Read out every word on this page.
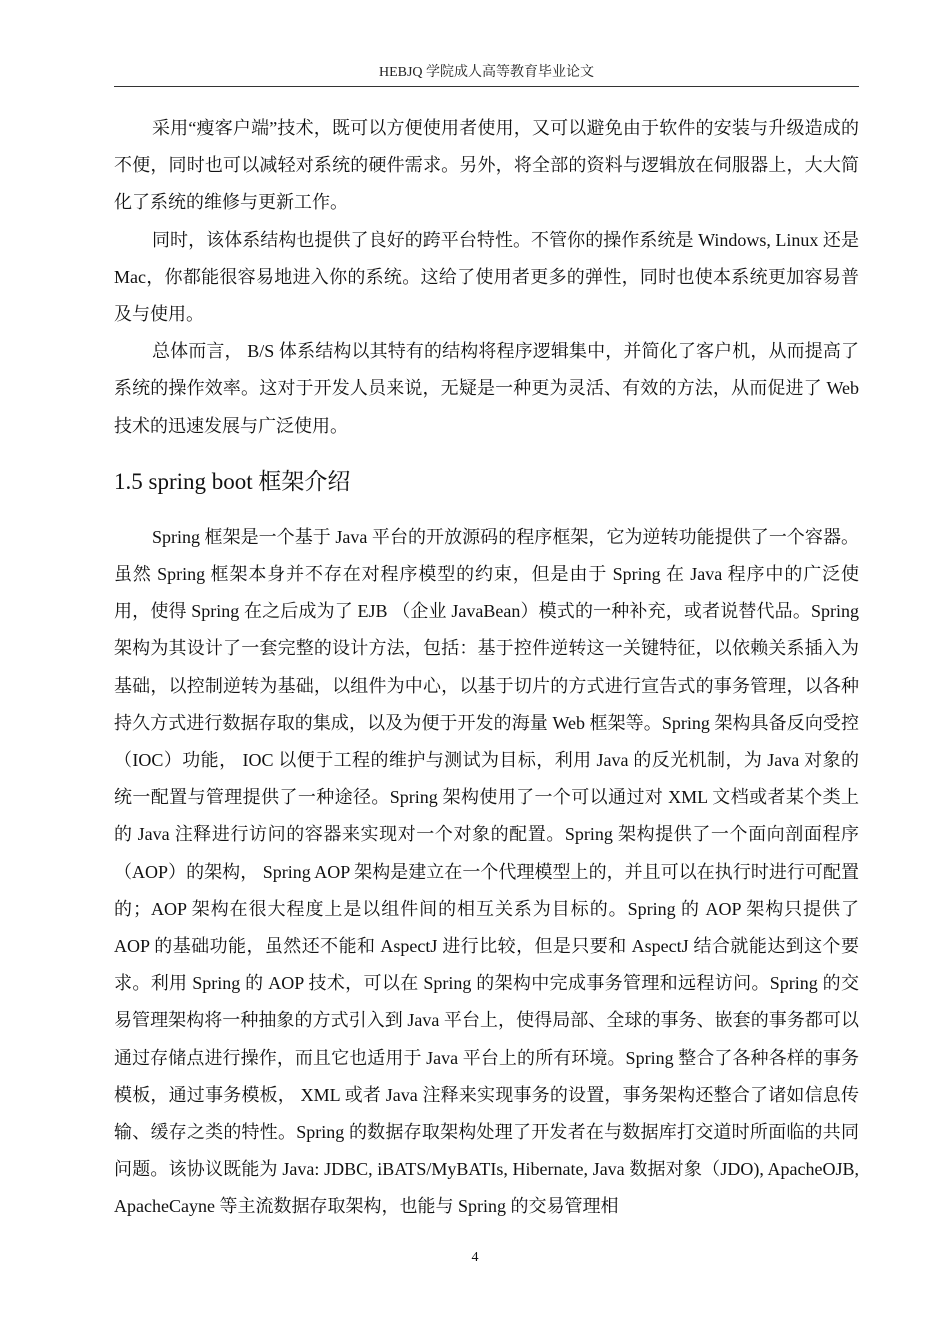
HEBJQ 学院成人高等教育毕业论文

采用“瘦客户端”技术，既可以方便使用者使用，又可以避免由于软件的安装与升级造成的不便，同时也可以减轻对系统的硬件需求。另外，将全部的资料与逻辑放在伺服器上，大大简化了系统的维修与更新工作。

同时，该体系结构也提供了良好的跨平台特性。不管你的操作系统是 Windows, Linux 还是 Mac，你都能很容易地进入你的系统。这给了使用者更多的弹性，同时也使本系统更加容易普及与使用。

总体而言， B/S 体系结构以其特有的结构将程序逻辑集中，并简化了客户机，从而提高了系统的操作效率。这对于开发人员来说，无疑是一种更为灵活、有效的方法，从而促进了 Web 技术的迅速发展与广泛使用。

1.5 spring boot 框架介绍

Spring 框架是一个基于 Java 平台的开放源码的程序框架，它为逆转功能提供了一个容器。虽然 Spring 框架本身并不存在对程序模型的约束，但是由于 Spring 在 Java 程序中的广泛使用，使得 Spring 在之后成为了 EJB （企业 JavaBean）模式的一种补充，或者说替代品。Spring 架构为其设计了一套完整的设计方法，包括：基于控件逆转这一关键特征，以依赖关系插入为基础，以控制逆转为基础，以组件为中心，以基于切片的方式进行宣告式的事务管理，以各种持久方式进行数据存取的集成，以及为便于开发的海量 Web 框架等。Spring 架构具备反向受控（IOC）功能， IOC 以便于工程的维护与测试为目标，利用 Java 的反光机制，为 Java 对象的统一配置与管理提供了一种途径。Spring 架构使用了一个可以通过对 XML 文档或者某个类上的 Java 注释进行访问的容器来实现对一个对象的配置。Spring 架构提供了一个面向剖面程序（AOP）的架构， Spring AOP 架构是建立在一个代理模型上的，并且可以在执行时进行可配置的；AOP 架构在很大程度上是以组件间的相互关系为目标的。Spring 的 AOP 架构只提供了 AOP 的基础功能，虽然还不能和 AspectJ 进行比较，但是只要和 AspectJ 结合就能达到这个要求。利用 Spring 的 AOP 技术，可以在 Spring 的架构中完成事务管理和远程访问。Spring 的交易管理架构将一种抽象的方式引入到 Java 平台上，使得局部、全球的事务、嵌套的事务都可以通过存储点进行操作，而且它也适用于 Java 平台上的所有环境。Spring 整合了各种各样的事务模板，通过事务模板， XML 或者 Java 注释来实现事务的设置，事务架构还整合了诸如信息传输、缓存之类的特性。Spring 的数据存取架构处理了开发者在与数据库打交道时所面临的共同问题。该协议既能为 Java: JDBC, iBATS/MyBATIs, Hibernate, Java 数据对象（JDO), ApacheOJB, ApacheCayne 等主流数据存取架构，也能与 Spring 的交易管理相

4
